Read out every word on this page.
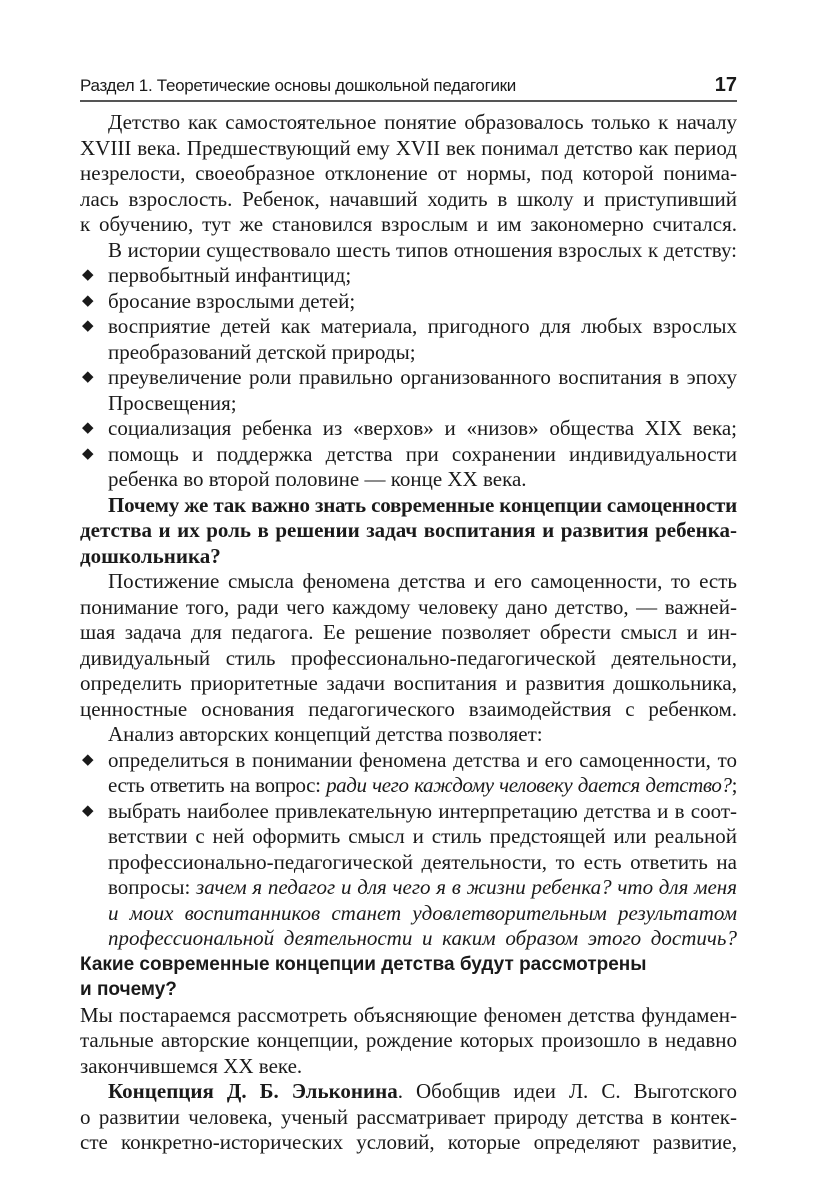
Раздел 1. Теоретические основы дошкольной педагогики	17
Детство как самостоятельное понятие образовалось только к началу
XVIII века. Предшествующий ему XVII век понимал детство как период
незрелости, своеобразное отклонение от нормы, под которой понима-
лась взрослость. Ребенок, начавший ходить в школу и приступивший
к обучению, тут же становился взрослым и им закономерно считался.
В истории существовало шесть типов отношения взрослых к детству:
◆ первобытный инфантицид;
◆ бросание взрослыми детей;
◆ восприятие детей как материала, пригодного для любых взрослых
преобразований детской природы;
◆ преувеличение роли правильно организованного воспитания в эпоху
Просвещения;
◆ социализация ребенка из «верхов» и «низов» общества XIX века;
◆ помощь и поддержка детства при сохранении индивидуальности
ребенка во второй половине — конце XX века.
Почему же так важно знать современные концепции самоценности
детства и их роль в решении задач воспитания и развития ребенка-
дошкольника?
Постижение смысла феномена детства и его самоценности, то есть
понимание того, ради чего каждому человеку дано детство, — важней-
шая задача для педагога. Ее решение позволяет обрести смысл и ин-
дивидуальный стиль профессионально-педагогической деятельности,
определить приоритетные задачи воспитания и развития дошкольника,
ценностные основания педагогического взаимодействия с ребенком.
Анализ авторских концепций детства позволяет:
◆ определиться в понимании феномена детства и его самоценности, то
есть ответить на вопрос: ради чего каждому человеку дается детство?;
◆ выбрать наиболее привлекательную интерпретацию детства и в соот-
ветствии с ней оформить смысл и стиль предстоящей или реальной
профессионально-педагогической деятельности, то есть ответить на
вопросы: зачем я педагог и для чего я в жизни ребенка? что для меня
и моих воспитанников станет удовлетворительным результатом
профессиональной деятельности и каким образом этого достичь?
Какие современные концепции детства будут рассмотрены
и почему?
Мы постараемся рассмотреть объясняющие феномен детства фундамен-
тальные авторские концепции, рождение которых произошло в недавно
закончившемся XX веке.
Концепция Д. Б. Эльконина. Обобщив идеи Л. С. Выготского
о развитии человека, ученый рассматривает природу детства в контек-
сте конкретно-исторических условий, которые определяют развитие,
